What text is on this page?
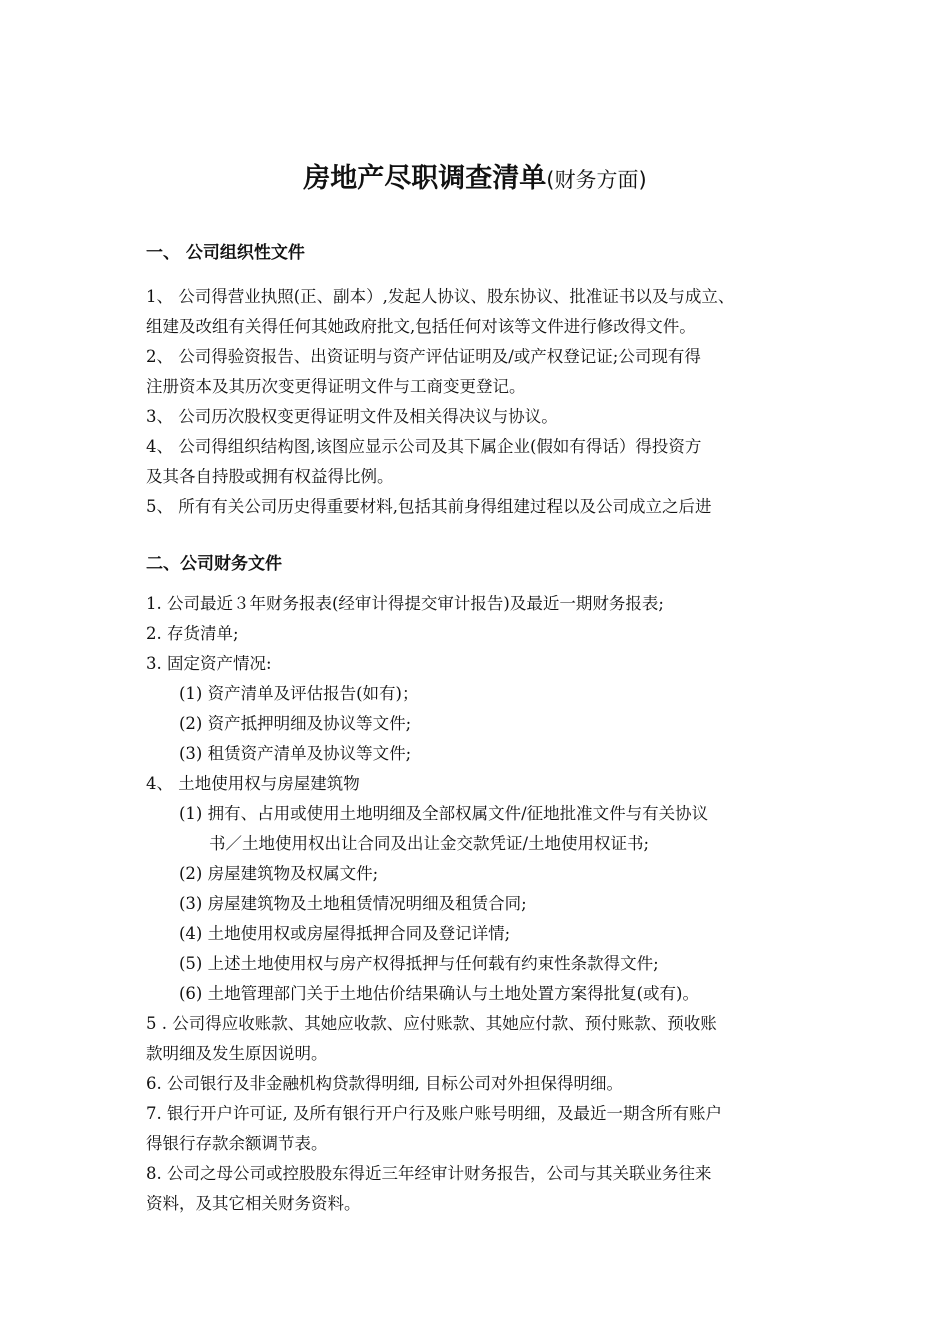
房地产尽职调查清单(财务方面)
一、 公司组织性文件
1、 公司得营业执照(正、副本）,发起人协议、股东协议、批准证书以及与成立、
组建及改组有关得任何其她政府批文,包括任何对该等文件进行修改得文件。
2、 公司得验资报告、出资证明与资产评估证明及/或产权登记证;公司现有得
注册资本及其历次变更得证明文件与工商变更登记。
3、 公司历次股权变更得证明文件及相关得决议与协议。
4、 公司得组织结构图,该图应显示公司及其下属企业(假如有得话）得投资方
及其各自持股或拥有权益得比例。
5、 所有有关公司历史得重要材料,包括其前身得组建过程以及公司成立之后进
二、公司财务文件
1. 公司最近３年财务报表(经审计得提交审计报告)及最近一期财务报表;
2. 存货清单;
3. 固定资产情况:
(1) 资产清单及评估报告(如有)；
(2) 资产抵押明细及协议等文件;
(3) 租赁资产清单及协议等文件;
4、 土地使用权与房屋建筑物
(1) 拥有、占用或使用土地明细及全部权属文件/征地批准文件与有关协议
书／土地使用权出让合同及出让金交款凭证/土地使用权证书;
(2) 房屋建筑物及权属文件;
(3) 房屋建筑物及土地租赁情况明细及租赁合同;
(4) 土地使用权或房屋得抵押合同及登记详情;
(5) 上述土地使用权与房产权得抵押与任何载有约束性条款得文件;
(6) 土地管理部门关于土地估价结果确认与土地处置方案得批复(或有)。
5 . 公司得应收账款、其她应收款、应付账款、其她应付款、预付账款、预收账
款明细及发生原因说明。
6. 公司银行及非金融机构贷款得明细, 目标公司对外担保得明细。
7. 银行开户许可证, 及所有银行开户行及账户账号明细，及最近一期含所有账户
得银行存款余额调节表。
8. 公司之母公司或控股股东得近三年经审计财务报告，公司与其关联业务往来
资料，及其它相关财务资料。
